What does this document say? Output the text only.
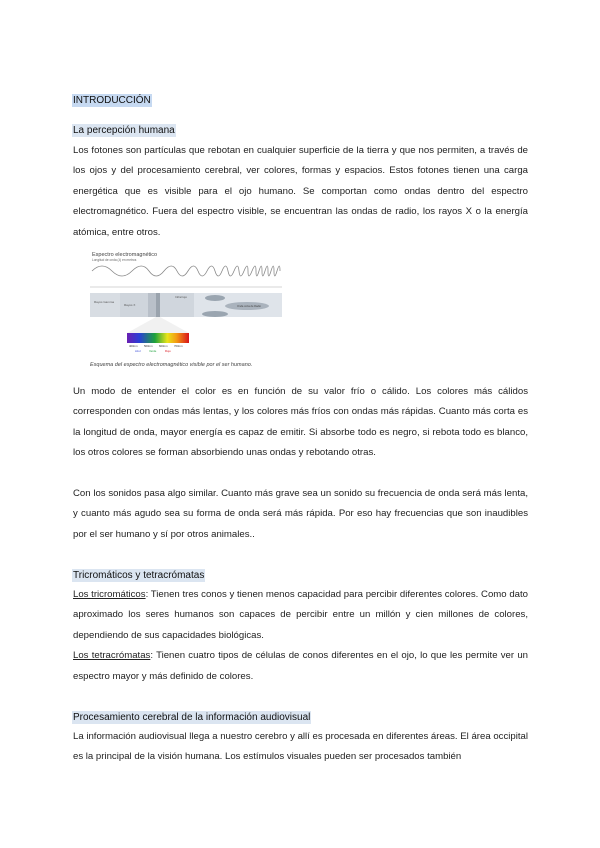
INTRODUCCIÓN
La percepción humana

Los fotones son partículas que rebotan en cualquier superficie de la tierra y que nos permiten, a través de los ojos y del procesamiento cerebral, ver colores, formas y espacios. Estos fotones tienen una carga energética que es visible para el ojo humano. Se comportan como ondas dentro del espectro electromagnético. Fuera del espectro visible, se encuentran las ondas de radio, los rayos X o la energía atómica, entre otros.

Espectro electromagnético
Longitud de onda (λ) en metros
Rayos Gamma
Rayos X
Infrarrojo
Onda corta de Radio
400nm 500nm 600nm 700nm
Azul	Verde	Rojo
Esquema del espectro electromagnético visible por el ser humano.

Un modo de entender el color es en función de su valor frío o cálido. Los colores más cálidos corresponden con ondas más lentas, y los colores más fríos con ondas más rápidas. Cuanto más corta es la longitud de onda, mayor energía es capaz de emitir. Si absorbe todo es negro, si rebota todo es blanco, los otros colores se forman absorbiendo unas ondas y rebotando otras.

Con los sonidos pasa algo similar. Cuanto más grave sea un sonido su frecuencia de onda será más lenta, y cuanto más agudo sea su forma de onda será más rápida. Por eso hay frecuencias que son inaudibles por el ser humano y sí por otros animales..

Tricromáticos y tetracrómatas

Los tricromáticos: Tienen tres conos y tienen menos capacidad para percibir diferentes colores. Como dato aproximado los seres humanos son capaces de percibir entre un millón y cien millones de colores, dependiendo de sus capacidades biológicas.

Los tetracrómatas: Tienen cuatro tipos de células de conos diferentes en el ojo, lo que les permite ver un espectro mayor y más definido de colores.

Procesamiento cerebral de la información audiovisual

La información audiovisual llega a nuestro cerebro y allí es procesada en diferentes áreas. El área occipital es la principal de la visión humana. Los estímulos visuales pueden ser procesados también
